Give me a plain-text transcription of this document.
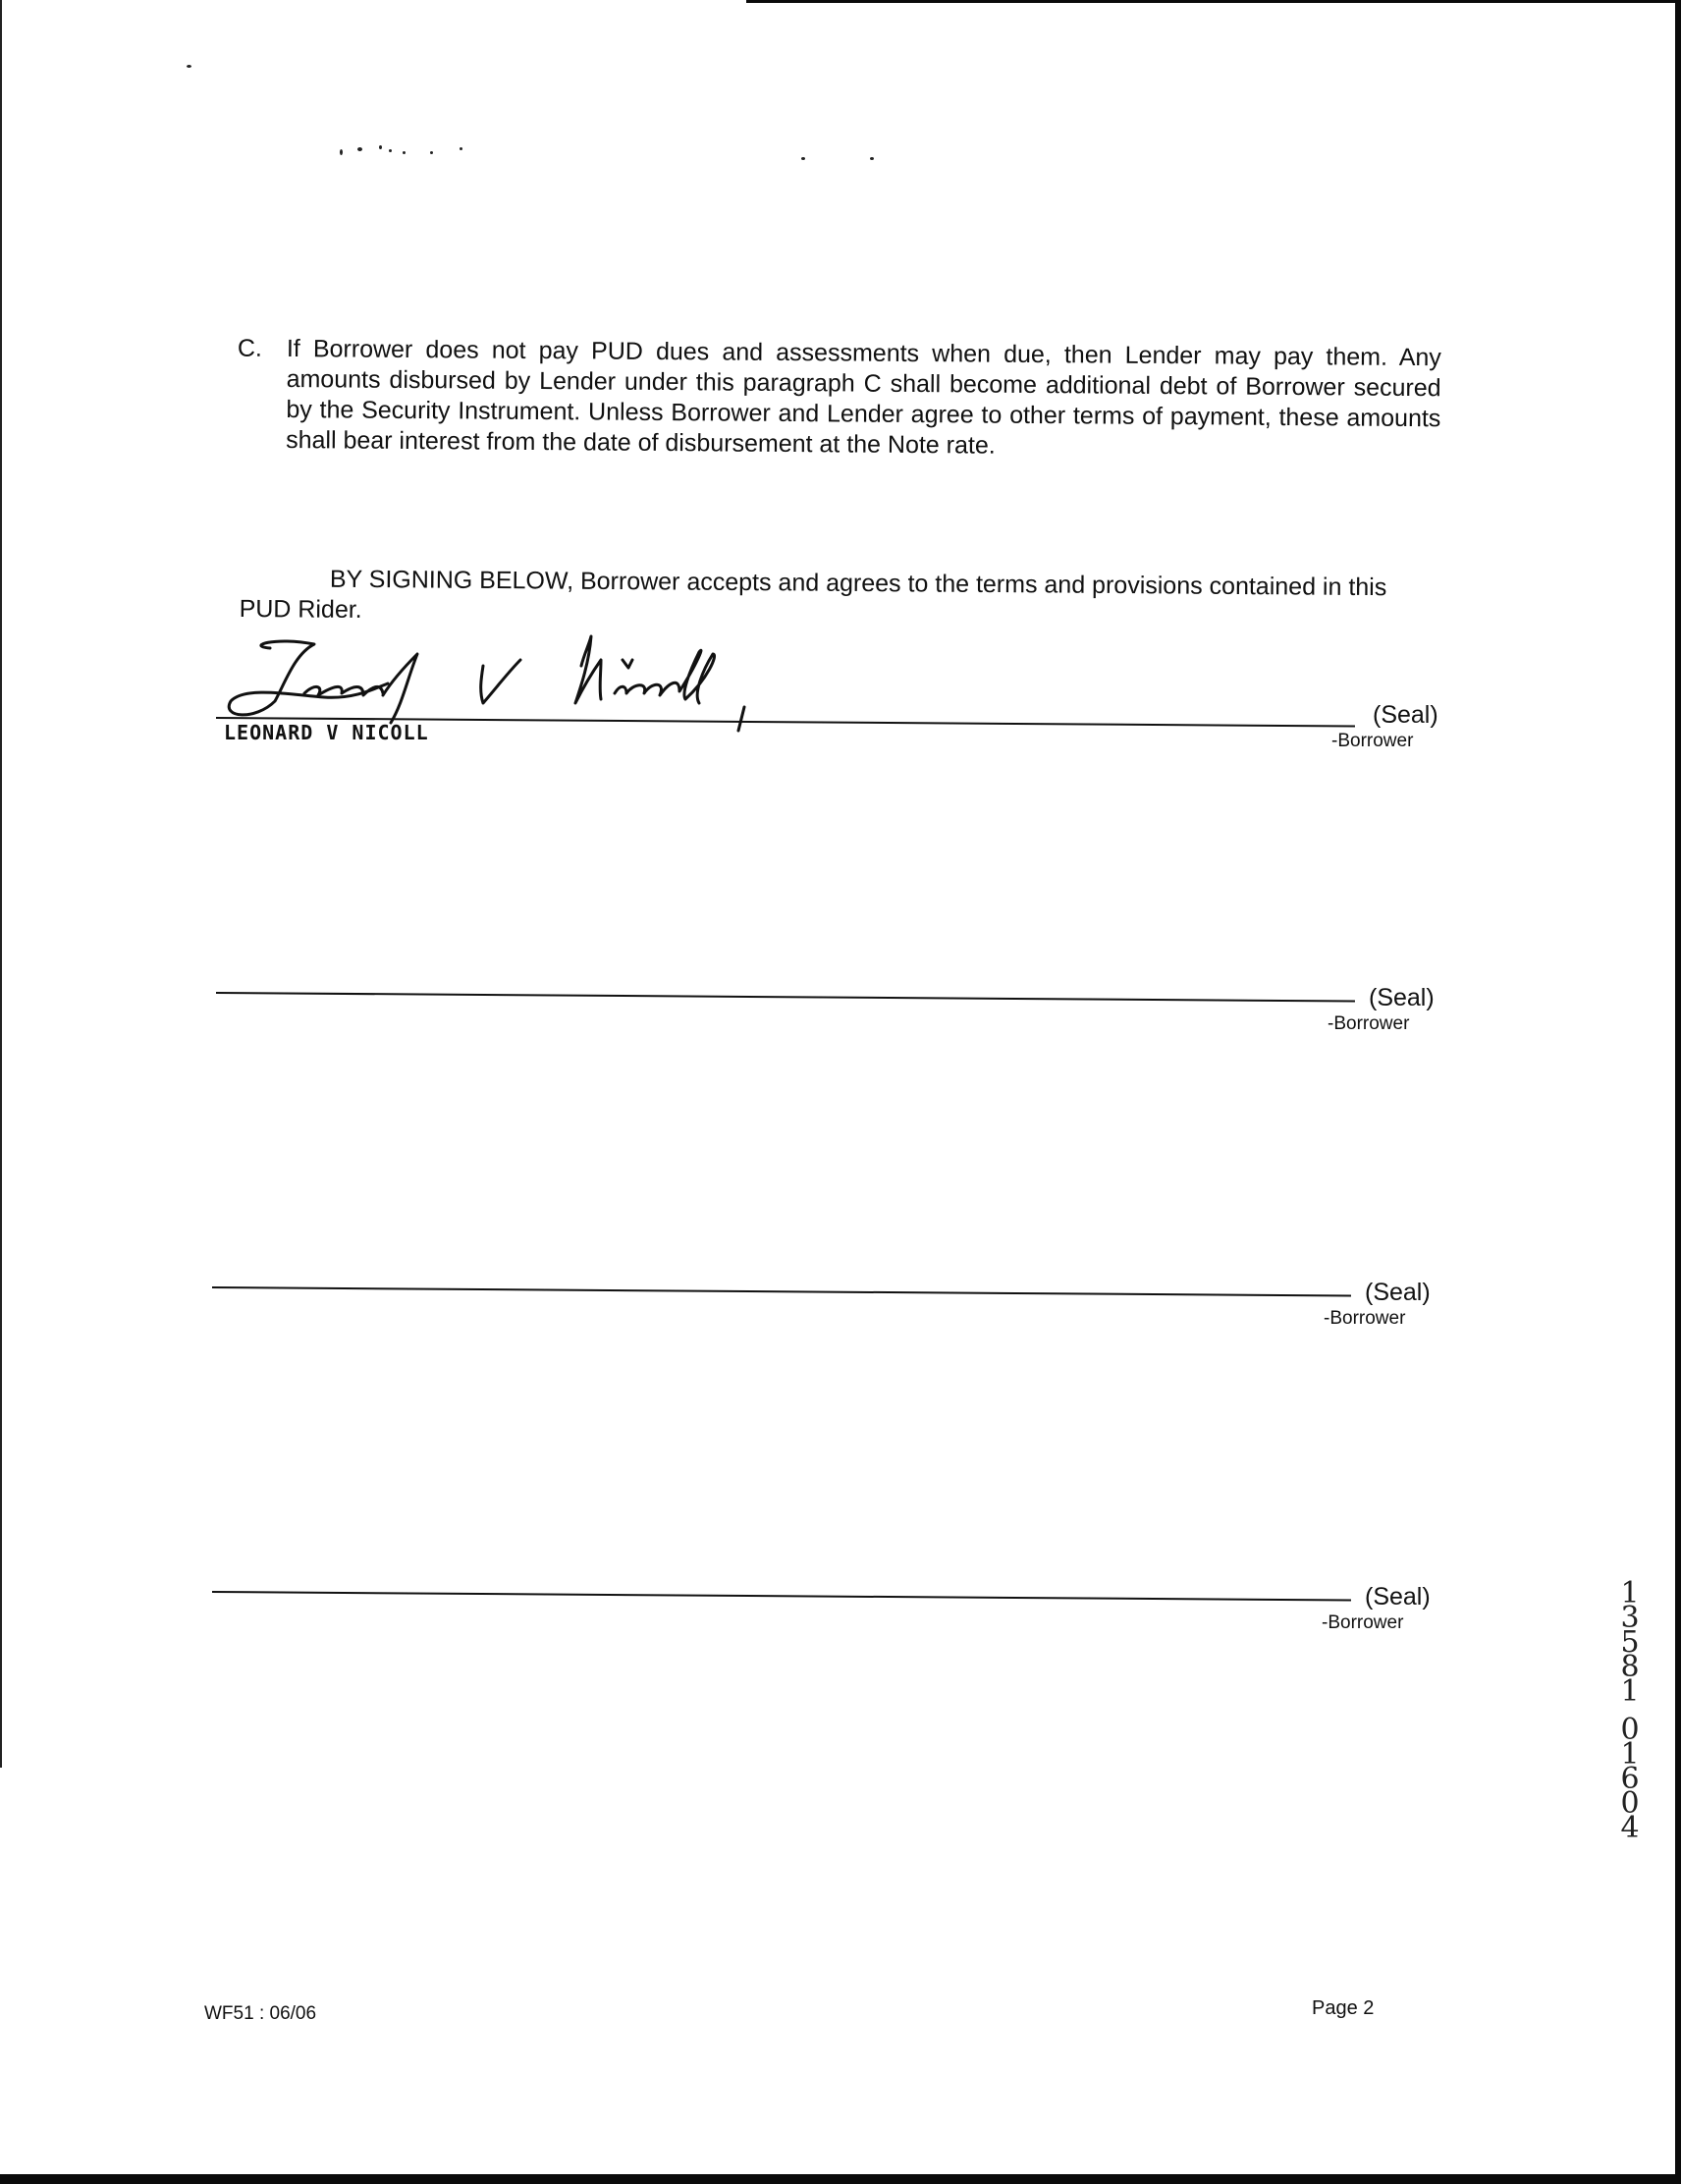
C. If Borrower does not pay PUD dues and assessments when due, then Lender may pay them. Any amounts disbursed by Lender under this paragraph C shall become additional debt of Borrower secured by the Security Instrument. Unless Borrower and Lender agree to other terms of payment, these amounts shall bear interest from the date of disbursement at the Note rate.
BY SIGNING BELOW, Borrower accepts and agrees to the terms and provisions contained in this PUD Rider.
LEONARD V NICOLL
(Seal)
-Borrower
(Seal)
-Borrower
(Seal)
-Borrower
(Seal)
-Borrower
1
3
5
8
1
0
1
6
0
4
WF51 : 06/06	Page 2
